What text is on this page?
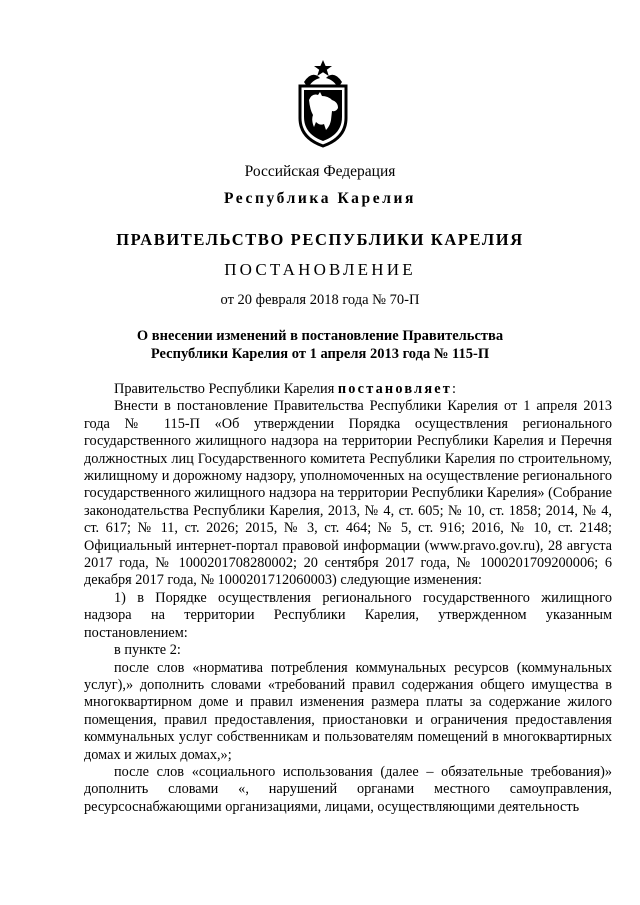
Российская Федерация
Республика Карелия
ПРАВИТЕЛЬСТВО РЕСПУБЛИКИ КАРЕЛИЯ
ПОСТАНОВЛЕНИЕ
от 20 февраля 2018 года № 70-П
О внесении изменений в постановление Правительства
Республики Карелия от 1 апреля 2013 года № 115-П

Правительство Республики Карелия постановляет:

Внести в постановление Правительства Республики Карелия от 1 апреля 2013 года № 115-П «Об утверждении Порядка осуществления регионального государственного жилищного надзора на территории Республики Карелия и Перечня должностных лиц Государственного комитета Республики Карелия по строительному, жилищному и дорожному надзору, уполномоченных на осуществление регионального государственного жилищного надзора на территории Республики Карелия» (Собрание законодательства Республики Карелия, 2013, № 4, ст. 605; № 10, ст. 1858; 2014, № 4, ст. 617; № 11, ст. 2026; 2015, № 3, ст. 464; № 5, ст. 916; 2016, № 10, ст. 2148; Официальный интернет-портал правовой информации (www.pravo.gov.ru), 28 августа 2017 года, № 1000201708280002; 20 сентября 2017 года, № 1000201709200006; 6 декабря 2017 года, № 1000201712060003) следующие изменения:

1) в Порядке осуществления регионального государственного жилищного надзора на территории Республики Карелия, утвержденном указанным постановлением:

в пункте 2:

после слов «норматива потребления коммунальных ресурсов (коммунальных услуг),» дополнить словами «требований правил содержания общего имущества в многоквартирном доме и правил изменения размера платы за содержание жилого помещения, правил предоставления, приостановки и ограничения предоставления коммунальных услуг собственникам и пользователям помещений в многоквартирных домах и жилых домах,»;

после слов «социального использования (далее – обязательные требования)» дополнить словами «, нарушений органами местного самоуправления, ресурсоснабжающими организациями, лицами, осуществляющими деятельность
